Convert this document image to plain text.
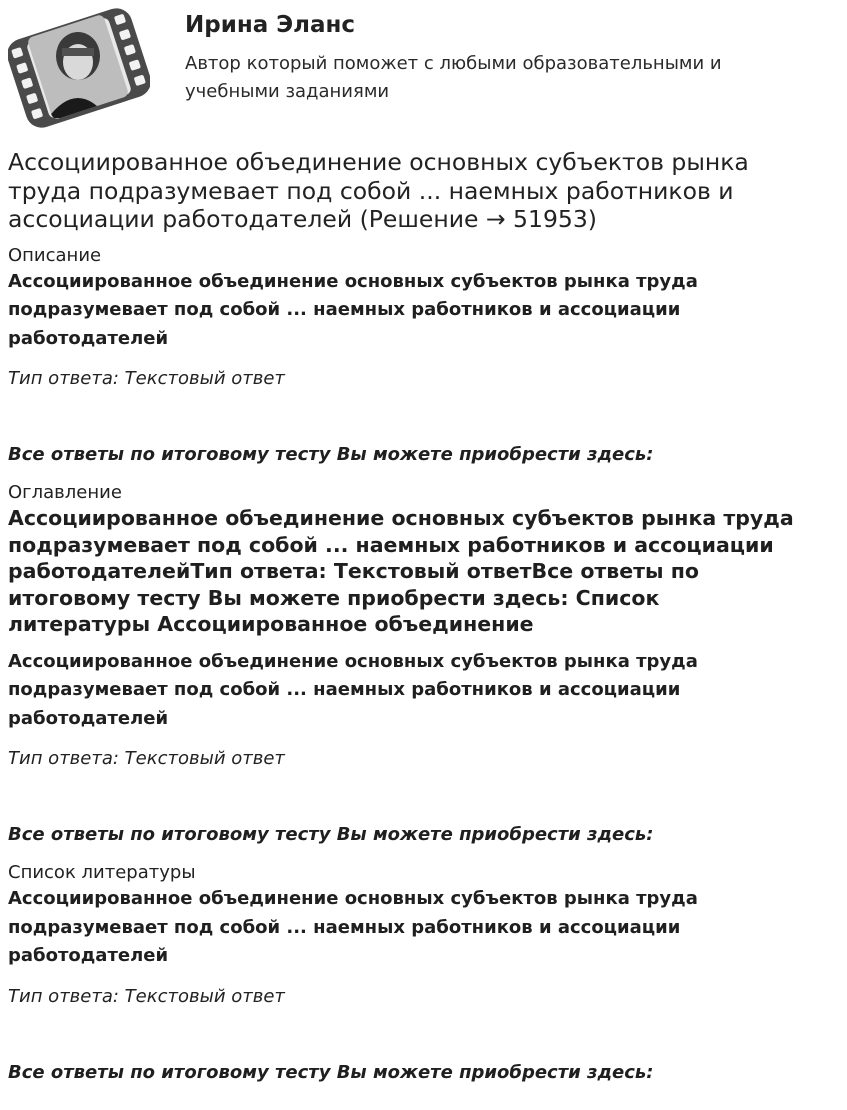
Ирина Эланс
Автор который поможет с любыми образовательными и учебными заданиями
Ассоциированное объединение основных субъектов рынка труда подразумевает под собой ... наемных работников и ассоциации работодателей (Решение → 51953)

Описание

Ассоциированное объединение основных субъектов рынка труда подразумевает под собой ... наемных работников и ассоциации работодателей

Тип ответа: Текстовый ответ

Все ответы по итоговому тесту Вы можете приобрести здесь:

Оглавление

Ассоциированное объединение основных субъектов рынка труда подразумевает под собой ... наемных работников и ассоциации работодателейТип ответа: Текстовый ответВсе ответы по итоговому тесту Вы можете приобрести здесь: Список литературы Ассоциированное объединение

Ассоциированное объединение основных субъектов рынка труда подразумевает под собой ... наемных работников и ассоциации работодателей

Тип ответа: Текстовый ответ

Все ответы по итоговому тесту Вы можете приобрести здесь:

Список литературы

Ассоциированное объединение основных субъектов рынка труда подразумевает под собой ... наемных работников и ассоциации работодателей

Тип ответа: Текстовый ответ

Все ответы по итоговому тесту Вы можете приобрести здесь:
